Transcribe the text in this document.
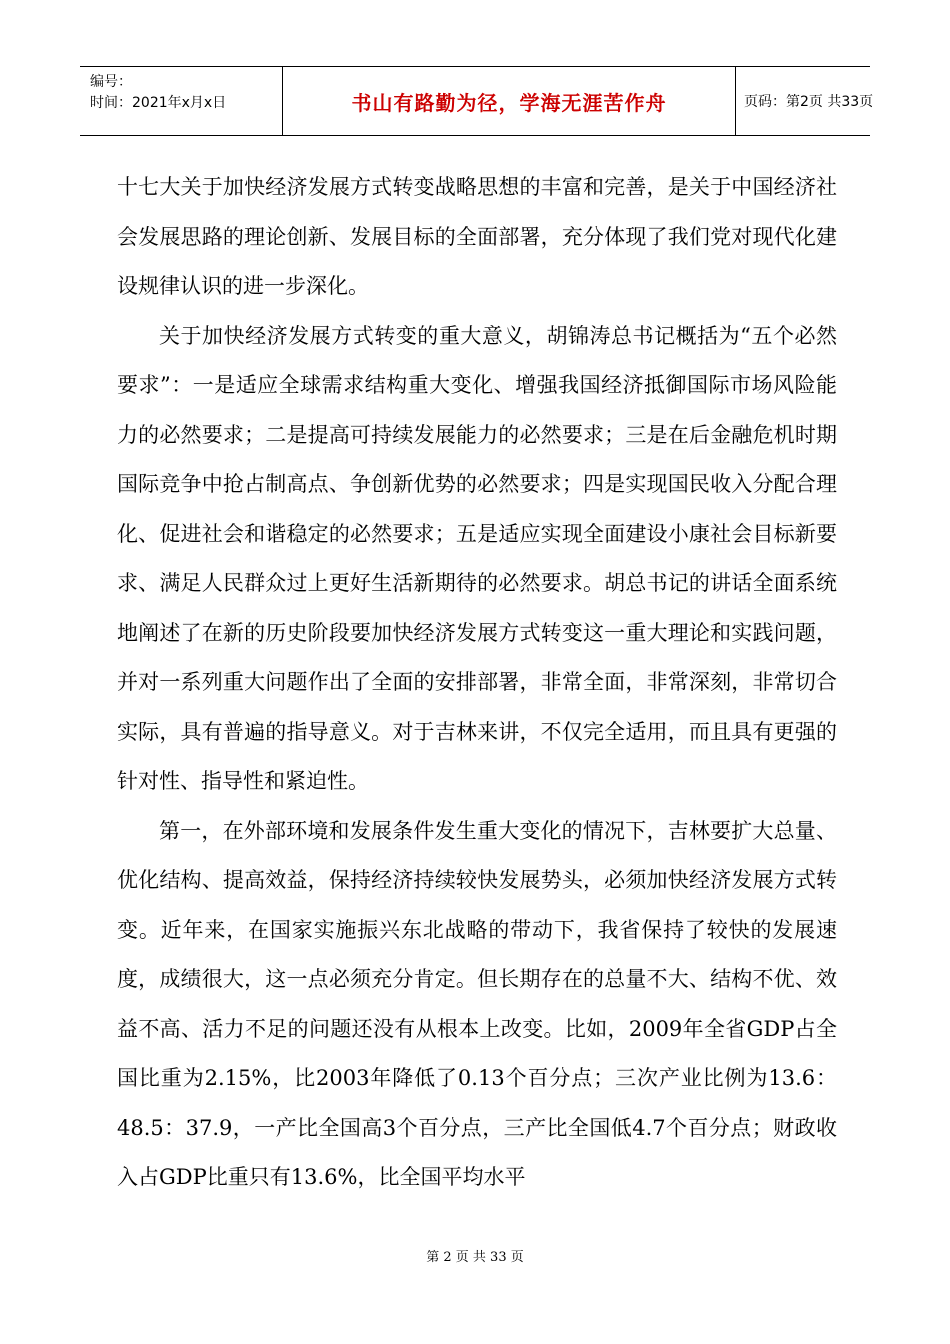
编号：
时间：2021年x月x日	书山有路勤为径，学海无涯苦作舟	页码：第2页 共33页

十七大关于加快经济发展方式转变战略思想的丰富和完善，是关于中国经济社会发展思路的理论创新、发展目标的全面部署，充分体现了我们党对现代化建设规律认识的进一步深化。

关于加快经济发展方式转变的重大意义，胡锦涛总书记概括为“五个必然要求”：一是适应全球需求结构重大变化、增强我国经济抵御国际市场风险能力的必然要求；二是提高可持续发展能力的必然要求；三是在后金融危机时期国际竞争中抢占制高点、争创新优势的必然要求；四是实现国民收入分配合理化、促进社会和谐稳定的必然要求；五是适应实现全面建设小康社会目标新要求、满足人民群众过上更好生活新期待的必然要求。胡总书记的讲话全面系统地阐述了在新的历史阶段要加快经济发展方式转变这一重大理论和实践问题，并对一系列重大问题作出了全面的安排部署，非常全面，非常深刻，非常切合实际，具有普遍的指导意义。对于吉林来讲，不仅完全适用，而且具有更强的针对性、指导性和紧迫性。

第一，在外部环境和发展条件发生重大变化的情况下，吉林要扩大总量、优化结构、提高效益，保持经济持续较快发展势头，必须加快经济发展方式转变。近年来，在国家实施振兴东北战略的带动下，我省保持了较快的发展速度，成绩很大，这一点必须充分肯定。但长期存在的总量不大、结构不优、效益不高、活力不足的问题还没有从根本上改变。比如，2009年全省GDP占全国比重为2.15%，比2003年降低了0.13个百分点；三次产业比例为13.6：48.5：37.9，一产比全国高3个百分点，三产比全国低4.7个百分点；财政收入占GDP比重只有13.6%，比全国平均水平

第 2 页 共 33 页
